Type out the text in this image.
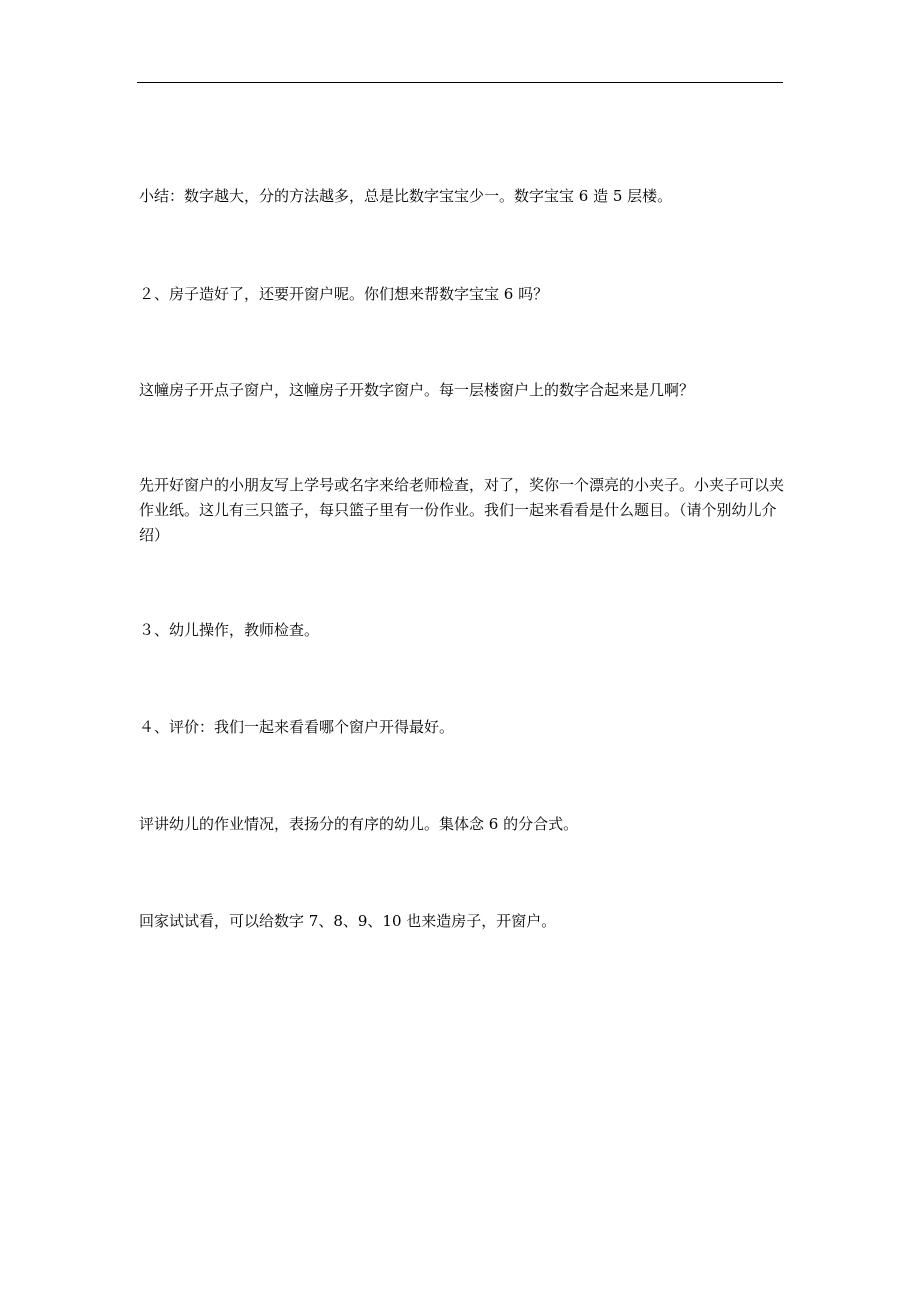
小结：数字越大，分的方法越多，总是比数字宝宝少一。数字宝宝 6 造 5 层楼。

２、房子造好了，还要开窗户呢。你们想来帮数字宝宝 6 吗？

这幢房子开点子窗户，这幢房子开数字窗户。每一层楼窗户上的数字合起来是几啊？

先开好窗户的小朋友写上学号或名字来给老师检查，对了，奖你一个漂亮的小夹子。小夹子可以夹作业纸。这儿有三只篮子，每只篮子里有一份作业。我们一起来看看是什么题目。（请个别幼儿介绍）

３、幼儿操作，教师检查。

４、评价：我们一起来看看哪个窗户开得最好。

评讲幼儿的作业情况，表扬分的有序的幼儿。集体念 6 的分合式。

回家试试看，可以给数字 7、8、9、10 也来造房子，开窗户。
